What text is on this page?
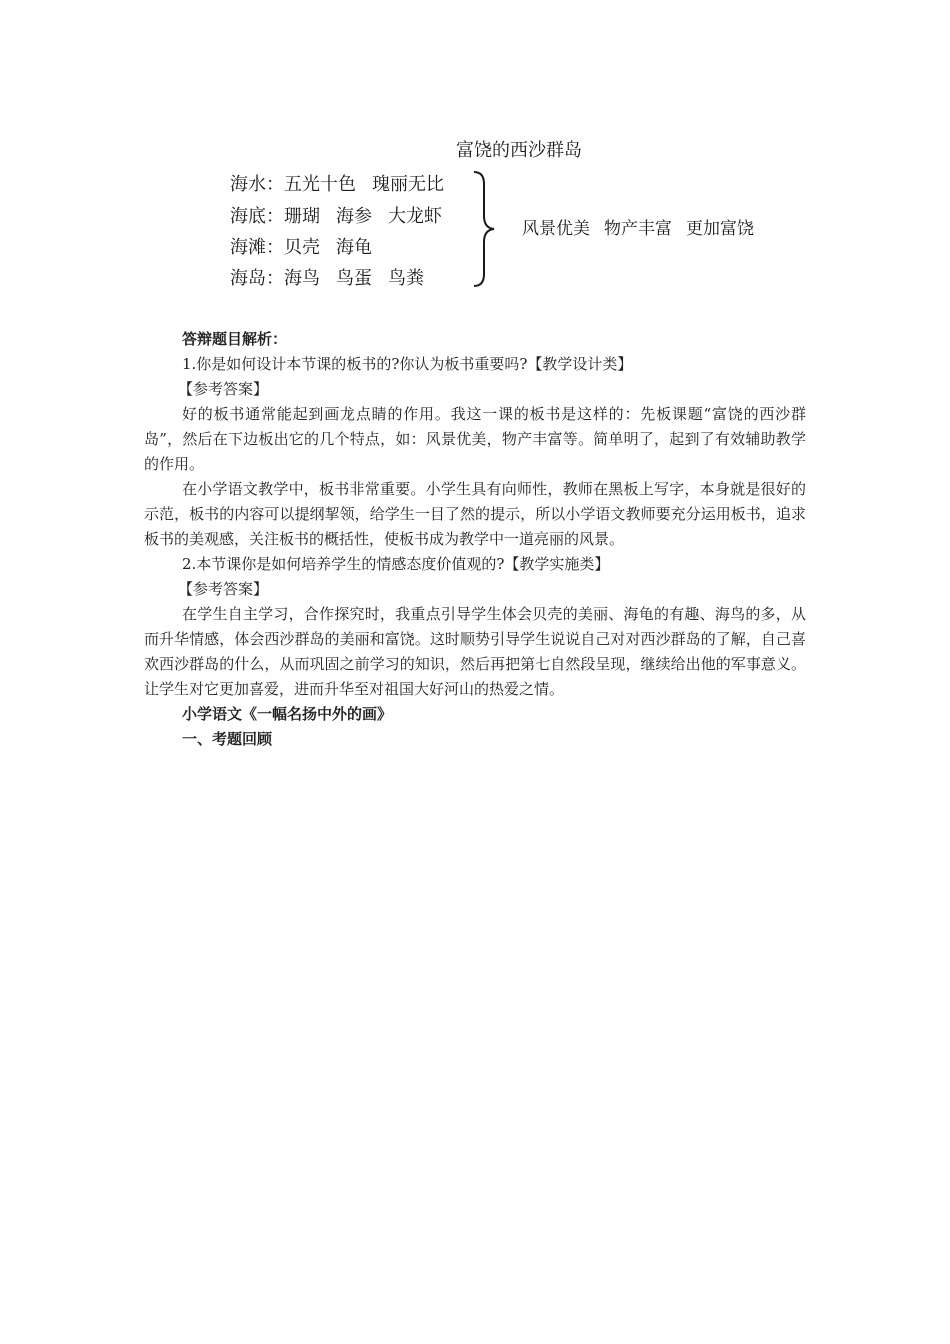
富饶的西沙群岛
海水：五光十色 瑰丽无比
海底：珊瑚 海参 大龙虾
海滩：贝壳 海龟
海岛：海鸟 鸟蛋 鸟粪
风景优美 物产丰富 更加富饶

答辩题目解析：

1.你是如何设计本节课的板书的?你认为板书重要吗?【教学设计类】

【参考答案】

好的板书通常能起到画龙点睛的作用。我这一课的板书是这样的：先板课题“富饶的西沙群岛”，然后在下边板出它的几个特点，如：风景优美，物产丰富等。简单明了，起到了有效辅助教学的作用。

在小学语文教学中，板书非常重要。小学生具有向师性，教师在黑板上写字，本身就是很好的示范，板书的内容可以提纲挈领，给学生一目了然的提示，所以小学语文教师要充分运用板书，追求板书的美观感，关注板书的概括性，使板书成为教学中一道亮丽的风景。

2.本节课你是如何培养学生的情感态度价值观的?【教学实施类】

【参考答案】

在学生自主学习，合作探究时，我重点引导学生体会贝壳的美丽、海龟的有趣、海鸟的多，从而升华情感，体会西沙群岛的美丽和富饶。这时顺势引导学生说说自己对对西沙群岛的了解，自己喜欢西沙群岛的什么，从而巩固之前学习的知识，然后再把第七自然段呈现，继续给出他的军事意义。让学生对它更加喜爱，进而升华至对祖国大好河山的热爱之情。

小学语文《一幅名扬中外的画》

一、考题回顾
